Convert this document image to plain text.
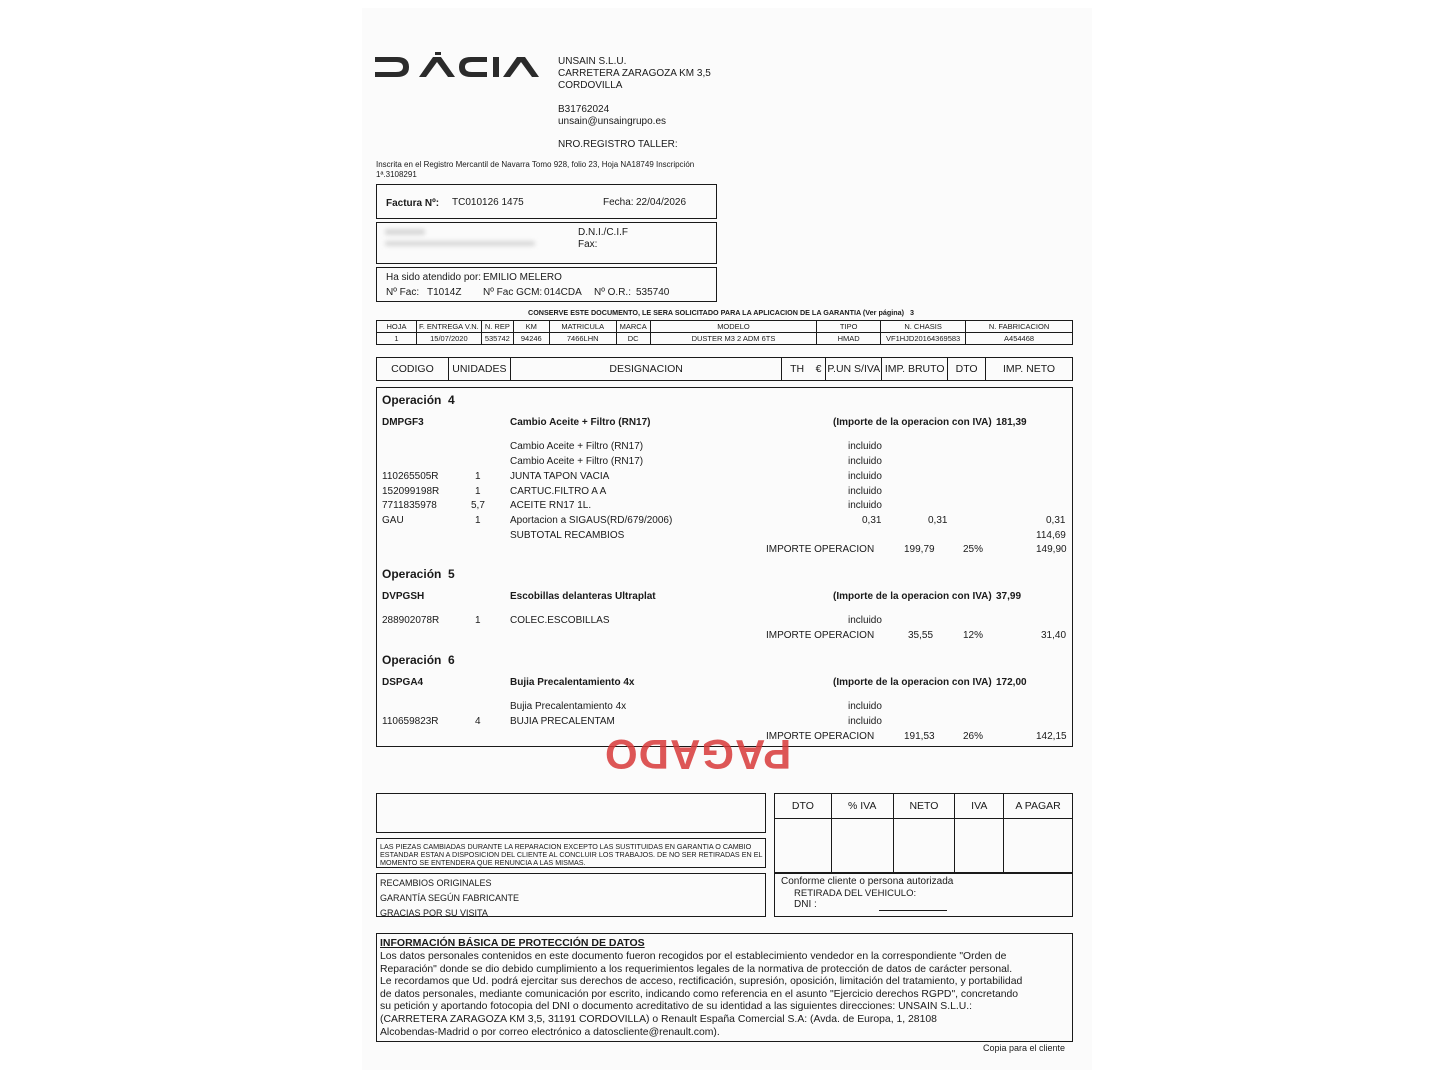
UNSAIN S.L.U.
CARRETERA ZARAGOZA KM 3,5
CORDOVILLA
B31762024
unsain@unsaingrupo.es
NRO.REGISTRO TALLER:
Inscrita en el Registro Mercantil de Navarra Tomo 928, folio 23, Hoja NA18749 Inscripción 1ª.3108291
Factura Nº: TC010126 1475	Fecha: 22/04/2026
D.N.I./C.I.F
Fax:
Ha sido atendido por: EMILIO MELERO
Nº Fac: T1014Z Nº Fac GCM: 014CDA Nº O.R.: 535740
CONSERVE ESTE DOCUMENTO, LE SERA SOLICITADO PARA LA APLICACION DE LA GARANTIA (Ver página) 3
HOJA	F. ENTREGA V.N.	N. REP	KM	MATRICULA	MARCA	MODELO	TIPO	N. CHASIS	N. FABRICACION
1	15/07/2020	535742	94246	7466LHN	DC	DUSTER M3 2 ADM 6TS	HMAD	VF1HJD20164369583	A454468
CODIGO	UNIDADES	DESIGNACION	TH	€	P.UN S/IVA	IMP. BRUTO	DTO	IMP. NETO
Operación 4
DMPGF3	Cambio Aceite + Filtro (RN17)	(Importe de la operacion con IVA) 181,39
Cambio Aceite + Filtro (RN17)	incluido
Cambio Aceite + Filtro (RN17)	incluido
110265505R	1	JUNTA TAPON VACIA	incluido
152099198R	1	CARTUC.FILTRO A A	incluido
7711835978	5,7	ACEITE RN17 1L.	incluido
GAU	1	Aportacion a SIGAUS(RD/679/2006)	0,31	0,31	0,31
SUBTOTAL RECAMBIOS	114,69
IMPORTE OPERACION	199,79	25%	149,90
Operación 5
DVPGSH	Escobillas delanteras Ultraplat	(Importe de la operacion con IVA) 37,99
288902078R	1	COLEC.ESCOBILLAS	incluido
IMPORTE OPERACION	35,55	12%	31,40
Operación 6
DSPGA4	Bujia Precalentamiento 4x	(Importe de la operacion con IVA) 172,00
Bujia Precalentamiento 4x	incluido
110659823R	4	BUJIA PRECALENTAM	incluido
IMPORTE OPERACION	191,53	26%	142,15
PAGADO
DTO	% IVA	NETO	IVA	A PAGAR

LAS PIEZAS CAMBIADAS DURANTE LA REPARACION EXCEPTO LAS SUSTITUIDAS EN GARANTIA O CAMBIO ESTANDAR ESTAN A DISPOSICION DEL CLIENTE AL CONCLUIR LOS TRABAJOS. DE NO SER RETIRADAS EN EL MOMENTO SE ENTENDERA QUE RENUNCIA A LAS MISMAS.
RECAMBIOS ORIGINALES
GARANTÍA SEGÚN FABRICANTE
GRACIAS POR SU VISITA
Conforme cliente o persona autorizada
RETIRADA DEL VEHICULO:
DNI :
INFORMACIÓN BÁSICA DE PROTECCIÓN DE DATOS
Los datos personales contenidos en este documento fueron recogidos por el establecimiento vendedor en la correspondiente "Orden de
Reparación" donde se dio debido cumplimiento a los requerimientos legales de la normativa de protección de datos de carácter personal.
Le recordamos que Ud. podrá ejercitar sus derechos de acceso, rectificación, supresión, oposición, limitación del tratamiento, y portabilidad
de datos personales, mediante comunicación por escrito, indicando como referencia en el asunto "Ejercicio derechos RGPD", concretando
su petición y aportando fotocopia del DNI o documento acreditativo de su identidad a las siguientes direcciones: UNSAIN S.L.U.:
(CARRETERA ZARAGOZA KM 3,5, 31191 CORDOVILLA) o Renault España Comercial S.A: (Avda. de Europa, 1, 28108
Alcobendas-Madrid o por correo electrónico a datoscliente@renault.com).
Copia para el cliente
